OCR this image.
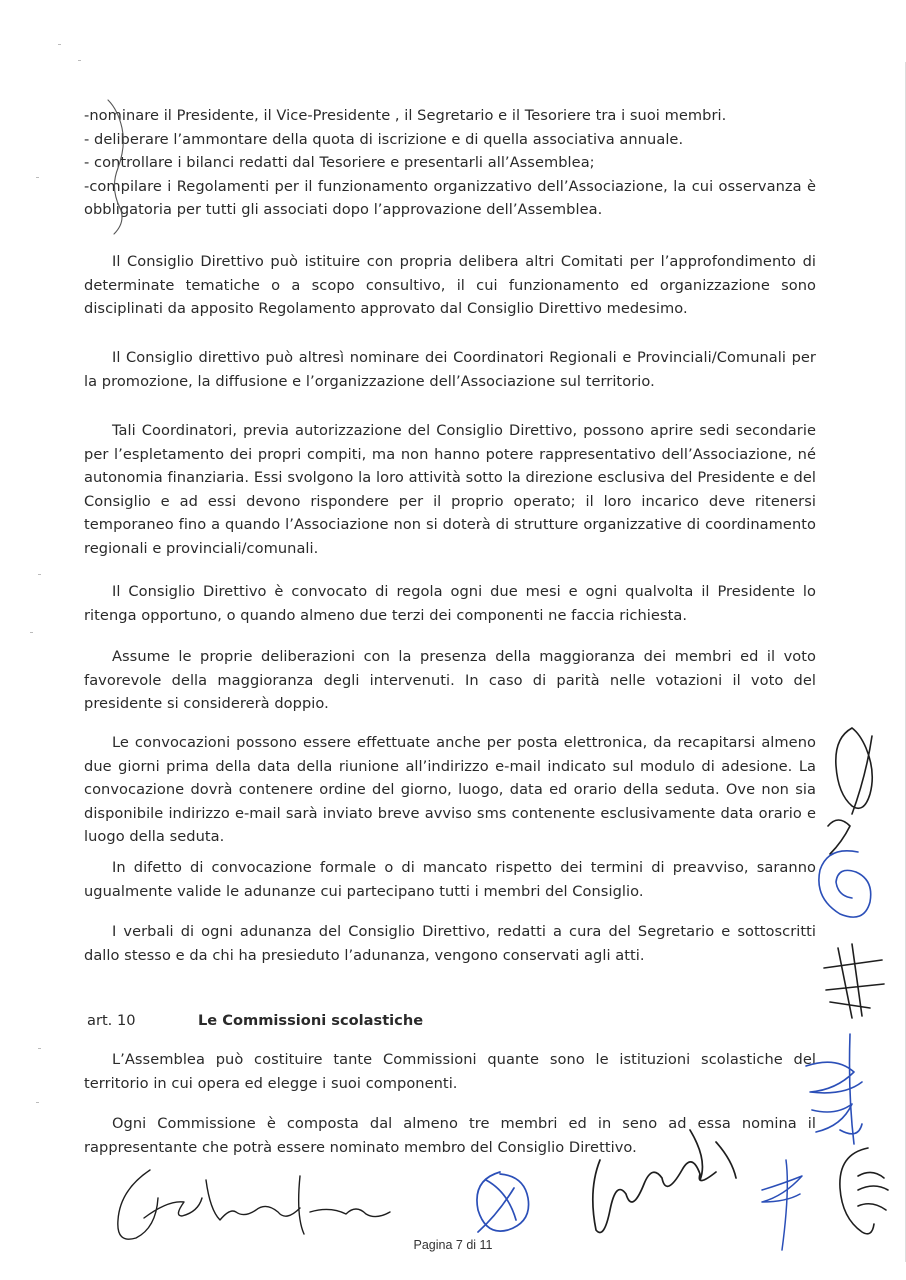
-nominare il Presidente, il Vice-Presidente , il Segretario e il Tesoriere tra i suoi membri.

- deliberare l’ammontare della quota di iscrizione e di quella associativa annuale.

- controllare i bilanci redatti dal Tesoriere e presentarli all’Assemblea;

-compilare i Regolamenti per il funzionamento organizzativo dell’Associazione, la cui osservanza è obbligatoria per tutti gli associati dopo l’approvazione dell’Assemblea.

Il Consiglio Direttivo può istituire con propria delibera altri Comitati per l’approfondimento di determinate tematiche o a scopo consultivo, il cui funzionamento ed organizzazione sono disciplinati da apposito Regolamento approvato dal Consiglio Direttivo medesimo.

Il Consiglio direttivo può altresì nominare dei Coordinatori Regionali e Provinciali/Comunali per la promozione, la diffusione e l’organizzazione dell’Associazione sul territorio.

Tali Coordinatori, previa autorizzazione del Consiglio Direttivo, possono aprire sedi secondarie per l’espletamento dei propri compiti, ma non hanno potere rappresentativo dell’Associazione, né autonomia finanziaria. Essi svolgono la loro attività sotto la direzione esclusiva del Presidente e del Consiglio e ad essi devono rispondere per il proprio operato; il loro incarico deve ritenersi temporaneo fino a quando l’Associazione non si doterà di strutture organizzative di coordinamento regionali e provinciali/comunali.

Il Consiglio Direttivo è convocato di regola ogni due mesi e ogni qualvolta il Presidente lo ritenga opportuno, o quando almeno due terzi dei componenti ne faccia richiesta.

Assume le proprie deliberazioni con la presenza della maggioranza dei membri ed il voto favorevole della maggioranza degli intervenuti. In caso di parità nelle votazioni il voto del presidente si considererà doppio.

Le convocazioni possono essere effettuate anche per posta elettronica, da recapitarsi almeno due giorni prima della data della riunione all’indirizzo e-mail indicato sul modulo di adesione. La convocazione dovrà contenere ordine del giorno, luogo, data ed orario della seduta. Ove non sia disponibile indirizzo e-mail sarà inviato breve avviso sms contenente esclusivamente data orario e luogo della seduta.

In difetto di convocazione formale o di mancato rispetto dei termini di preavviso, saranno ugualmente valide le adunanze cui partecipano tutti i membri del Consiglio.

I verbali di ogni adunanza del Consiglio Direttivo, redatti a cura del Segretario e sottoscritti dallo stesso e da chi ha presieduto l’adunanza, vengono conservati agli atti.

art. 10	Le Commissioni scolastiche

L’Assemblea può costituire tante Commissioni quante sono le istituzioni scolastiche del territorio in cui opera ed elegge i suoi componenti.

Ogni Commissione è composta dal almeno tre membri ed in seno ad essa nomina il rappresentante che potrà essere nominato membro del Consiglio Direttivo.

Pagina 7 di 11
